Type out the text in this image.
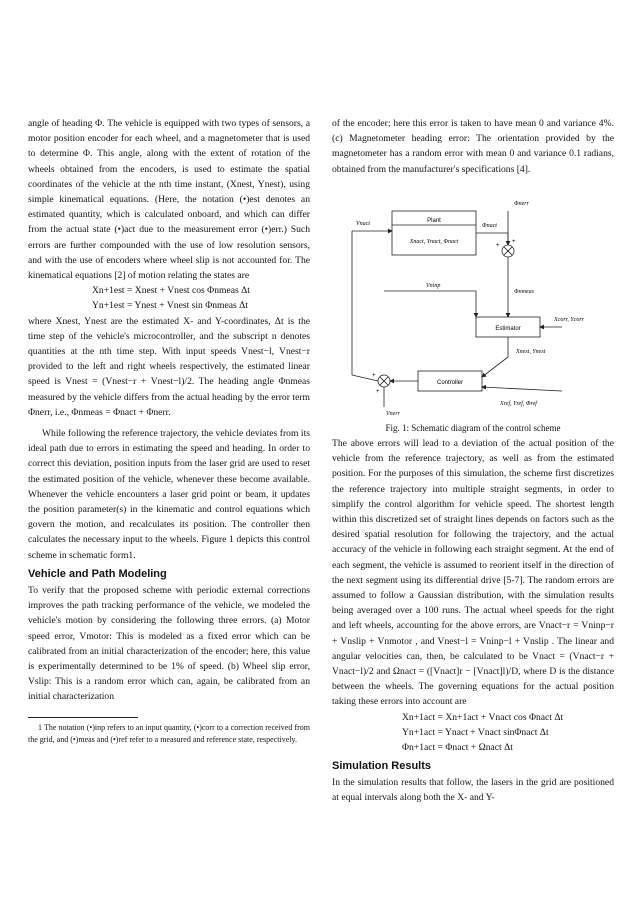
angle of heading Φ. The vehicle is equipped with two types of sensors, a motor position encoder for each wheel, and a magnetometer that is used to determine Φ. This angle, along with the extent of rotation of the wheels obtained from the encoders, is used to estimate the spatial coordinates of the vehicle at the nth time instant, (Xnest, Ynest), using simple kinematical equations. (Here, the notation (•)est denotes an estimated quantity, which is calculated onboard, and which can differ from the actual state (•)act due to the measurement error (•)err.) Such errors are further compounded with the use of low resolution sensors, and with the use of encoders where wheel slip is not accounted for. The kinematical equations [2] of motion relating the states are

Xn+1est = Xnest + Vnest cos Φnmeas Δt

Yn+1est = Ynest + Vnest sin Φnmeas Δt

where Xnest, Ynest are the estimated X- and Y-coordinates, Δt is the time step of the vehicle's microcontroller, and the subscript n denotes quantities at the nth time step. With input speeds Vnest−l, Vnest−r provided to the left and right wheels respectively, the estimated linear speed is Vnest = (Vnest−r + Vnest−l)/2. The heading angle Φnmeas measured by the vehicle differs from the actual heading by the error term Φnerr, i.e., Φnmeas = Φnact + Φnerr.

While following the reference trajectory, the vehicle deviates from its ideal path due to errors in estimating the speed and heading. In order to correct this deviation, position inputs from the laser grid are used to reset the estimated position of the vehicle, whenever these become available. Whenever the vehicle encounters a laser grid point or beam, it updates the position parameter(s) in the kinematic and control equations which govern the motion, and recalculates its position. The controller then calculates the necessary input to the wheels. Figure 1 depicts this control scheme in schematic form1.

Vehicle and Path Modeling

To verify that the proposed scheme with periodic external corrections improves the path tracking performance of the vehicle, we modeled the vehicle's motion by considering the following three errors. (a) Motor speed error, Vmotor: This is modeled as a fixed error which can be calibrated from an initial characterization of the encoder; here, this value is experimentally determined to be 1% of speed. (b) Wheel slip error, Vslip: This is a random error which can, again, be calibrated from an initial characterization

1 The notation (•)inp refers to an input quantity, (•)corr to a correction received from the grid, and (•)meas and (•)ref refer to a measured and reference state, respectively.

of the encoder; here this error is taken to have mean 0 and variance 4%. (c) Magnetometer heading error: The orientation provided by the magnetometer has a random error with mean 0 and variance 0.1 radians, obtained from the manufacturer's specifications [4].

Plant
Xnact, Ynact, Φnact
Estimator
Controller
Vnact	Φnact
Φnerr
Φnmeas
Vninp
Xcorr, Ycorr
Xnest, Ynest
Xref, Yref, Φref
Vnerr
+
+
+
+

Fig. 1: Schematic diagram of the control scheme

The above errors will lead to a deviation of the actual position of the vehicle from the reference trajectory, as well as from the estimated position. For the purposes of this simulation, the scheme first discretizes the reference trajectory into multiple straight segments, in order to simplify the control algorithm for vehicle speed. The shortest length within this discretized set of straight lines depends on factors such as the desired spatial resolution for following the trajectory, and the actual accuracy of the vehicle in following each straight segment. At the end of each segment, the vehicle is assumed to reorient itself in the direction of the next segment using its differential drive [5-7]. The random errors are assumed to follow a Gaussian distribution, with the simulation results being averaged over a 100 runs. The actual wheel speeds for the right and left wheels, accounting for the above errors, are Vnact−r = Vninp−r + Vnslip + Vnmotor , and Vnest−l = Vninp−l + Vnslip . The linear and angular velocities can, then, be calculated to be Vnact = (Vnact−r + Vnact−l)/2 and Ωnact = ([Vnact]r − [Vnact]l)/D, where D is the distance between the wheels. The governing equations for the actual position taking these errors into account are

Xn+1act = Xn+1act + Vnact cos Φnact Δt

Yn+1act = Ynact + Vnact sinΦnact Δt

Φn+1act = Φnact + Ωnact Δt

Simulation Results

In the simulation results that follow, the lasers in the grid are positioned at equal intervals along both the X- and Y-
